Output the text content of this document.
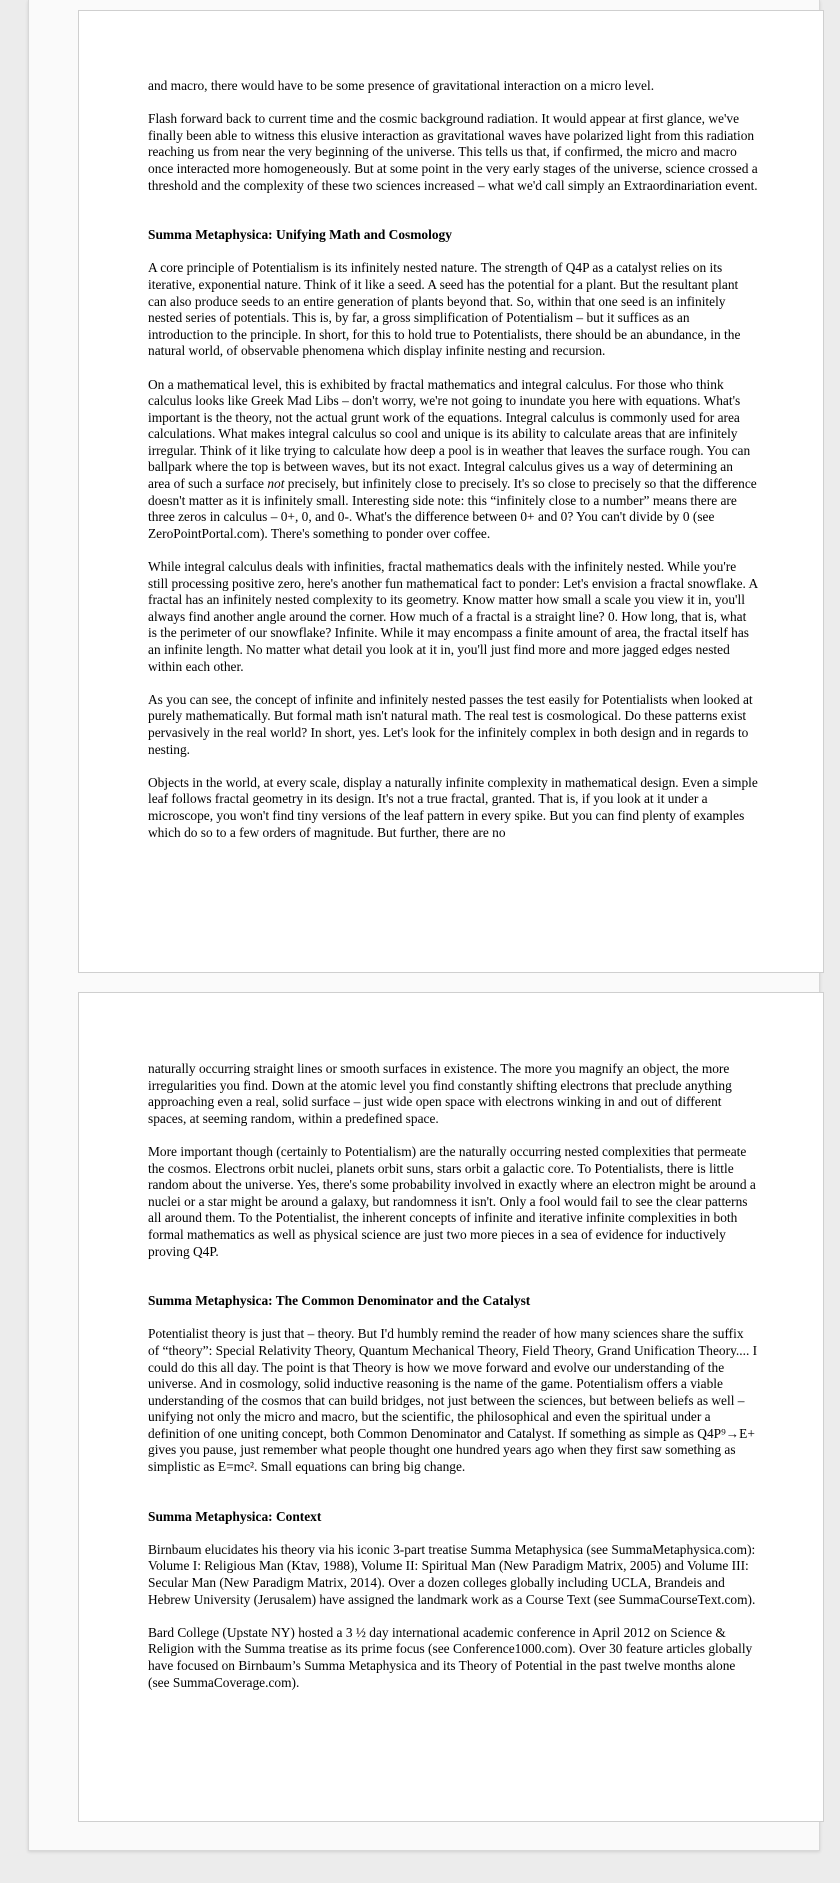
and macro, there would have to be some presence of gravitational interaction on a micro level.

Flash forward back to current time and the cosmic background radiation. It would appear at first glance, we've finally been able to witness this elusive interaction as gravitational waves have polarized light from this radiation reaching us from near the very beginning of the universe. This tells us that, if confirmed, the micro and macro once interacted more homogeneously. But at some point in the very early stages of the universe, science crossed a threshold and the complexity of these two sciences increased – what we'd call simply an Extraordinariation event.

Summa Metaphysica: Unifying Math and Cosmology

A core principle of Potentialism is its infinitely nested nature. The strength of Q4P as a catalyst relies on its iterative, exponential nature. Think of it like a seed. A seed has the potential for a plant. But the resultant plant can also produce seeds to an entire generation of plants beyond that. So, within that one seed is an infinitely nested series of potentials. This is, by far, a gross simplification of Potentialism – but it suffices as an introduction to the principle. In short, for this to hold true to Potentialists, there should be an abundance, in the natural world, of observable phenomena which display infinite nesting and recursion.

On a mathematical level, this is exhibited by fractal mathematics and integral calculus. For those who think calculus looks like Greek Mad Libs – don't worry, we're not going to inundate you here with equations. What's important is the theory, not the actual grunt work of the equations. Integral calculus is commonly used for area calculations. What makes integral calculus so cool and unique is its ability to calculate areas that are infinitely irregular. Think of it like trying to calculate how deep a pool is in weather that leaves the surface rough. You can ballpark where the top is between waves, but its not exact. Integral calculus gives us a way of determining an area of such a surface not precisely, but infinitely close to precisely. It's so close to precisely so that the difference doesn't matter as it is infinitely small. Interesting side note: this “infinitely close to a number” means there are three zeros in calculus – 0+, 0, and 0-. What's the difference between 0+ and 0? You can't divide by 0 (see ZeroPointPortal.com). There's something to ponder over coffee.

While integral calculus deals with infinities, fractal mathematics deals with the infinitely nested. While you're still processing positive zero, here's another fun mathematical fact to ponder: Let's envision a fractal snowflake. A fractal has an infinitely nested complexity to its geometry. Know matter how small a scale you view it in, you'll always find another angle around the corner. How much of a fractal is a straight line? 0. How long, that is, what is the perimeter of our snowflake? Infinite. While it may encompass a finite amount of area, the fractal itself has an infinite length. No matter what detail you look at it in, you'll just find more and more jagged edges nested within each other.

As you can see, the concept of infinite and infinitely nested passes the test easily for Potentialists when looked at purely mathematically. But formal math isn't natural math. The real test is cosmological. Do these patterns exist pervasively in the real world? In short, yes. Let's look for the infinitely complex in both design and in regards to nesting.

Objects in the world, at every scale, display a naturally infinite complexity in mathematical design. Even a simple leaf follows fractal geometry in its design. It's not a true fractal, granted. That is, if you look at it under a microscope, you won't find tiny versions of the leaf pattern in every spike. But you can find plenty of examples which do so to a few orders of magnitude. But further, there are no

naturally occurring straight lines or smooth surfaces in existence. The more you magnify an object, the more irregularities you find. Down at the atomic level you find constantly shifting electrons that preclude anything approaching even a real, solid surface – just wide open space with electrons winking in and out of different spaces, at seeming random, within a predefined space.

More important though (certainly to Potentialism) are the naturally occurring nested complexities that permeate the cosmos. Electrons orbit nuclei, planets orbit suns, stars orbit a galactic core. To Potentialists, there is little random about the universe. Yes, there's some probability involved in exactly where an electron might be around a nuclei or a star might be around a galaxy, but randomness it isn't. Only a fool would fail to see the clear patterns all around them. To the Potentialist, the inherent concepts of infinite and iterative infinite complexities in both formal mathematics as well as physical science are just two more pieces in a sea of evidence for inductively proving Q4P.

Summa Metaphysica: The Common Denominator and the Catalyst

Potentialist theory is just that – theory. But I'd humbly remind the reader of how many sciences share the suffix of “theory”: Special Relativity Theory, Quantum Mechanical Theory, Field Theory, Grand Unification Theory.... I could do this all day. The point is that Theory is how we move forward and evolve our understanding of the universe. And in cosmology, solid inductive reasoning is the name of the game. Potentialism offers a viable understanding of the cosmos that can build bridges, not just between the sciences, but between beliefs as well – unifying not only the micro and macro, but the scientific, the philosophical and even the spiritual under a definition of one uniting concept, both Common Denominator and Catalyst. If something as simple as Q4P⁹→E+ gives you pause, just remember what people thought one hundred years ago when they first saw something as simplistic as E=mc². Small equations can bring big change.

Summa Metaphysica: Context

Birnbaum elucidates his theory via his iconic 3-part treatise Summa Metaphysica (see SummaMetaphysica.com): Volume I: Religious Man (Ktav, 1988), Volume II: Spiritual Man (New Paradigm Matrix, 2005) and Volume III: Secular Man (New Paradigm Matrix, 2014). Over a dozen colleges globally including UCLA, Brandeis and Hebrew University (Jerusalem) have assigned the landmark work as a Course Text (see SummaCourseText.com).

Bard College (Upstate NY) hosted a 3 ½ day international academic conference in April 2012 on Science & Religion with the Summa treatise as its prime focus (see Conference1000.com). Over 30 feature articles globally have focused on Birnbaum’s Summa Metaphysica and its Theory of Potential in the past twelve months alone (see SummaCoverage.com).
